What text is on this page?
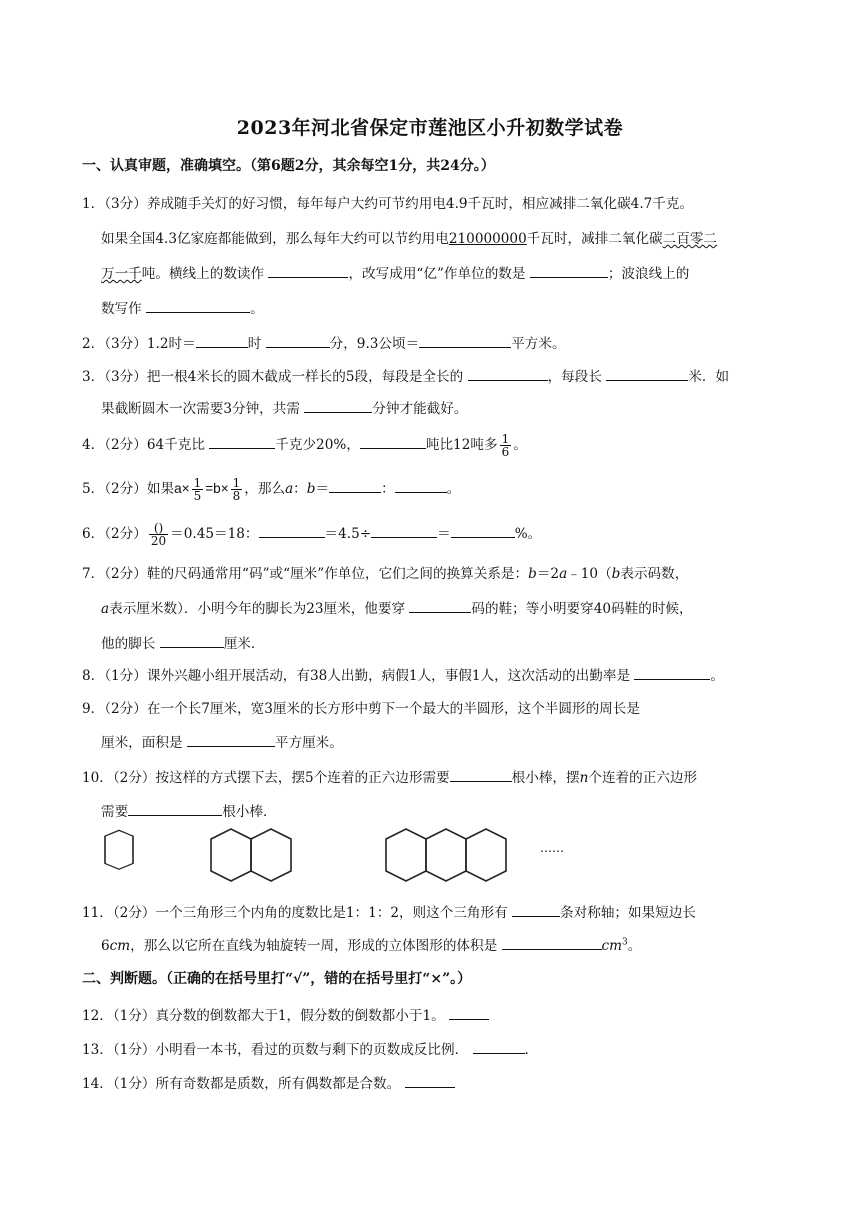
2023年河北省保定市莲池区小升初数学试卷
一、认真审题，准确填空。（第6题2分，其余每空1分，共24分。）
1．（3分）养成随手关灯的好习惯，每年每户大约可节约用电4.9千瓦时，相应减排二氧化碳4.7千克。
如果全国4.3亿家庭都能做到，那么每年大约可以节约用电210000000千瓦时，减排二氧化碳二百零二
万一千吨。横线上的数读作	，改写成用“亿”作单位的数是	；波浪线上的
数写作	。
2．（3分）1.2时＝	时	分，9.3公顷＝	平方米。
3．（3分）把一根4米长的圆木截成一样长的5段，每段是全长的	，每段长	米．如
果截断圆木一次需要3分钟，共需	分钟才能截好。
4．（2分）64千克比	千克少20%，	吨比12吨多 $\frac{1}{6}$ 。
5．（2分）如果$a\times \frac{1}{5} =b\times \frac{1}{8}$ ，那么a：b＝	：	。
6．（2分） $\frac{()}{20} =0.45=18$：	＝4.5÷	＝	%。
7．（2分）鞋的尺码通常用“码”或“厘米”作单位，它们之间的换算关系是：b＝2a﹣10（b表示码数，
a表示厘米数）．小明今年的脚长为23厘米，他要穿	码的鞋；等小明要穿40码鞋的时候，
他的脚长	厘米．
8．（1分）课外兴趣小组开展活动，有38人出勤，病假1人，事假1人，这次活动的出勤率是	。
9．（2分）在一个长7厘米，宽3厘米的长方形中剪下一个最大的半圆形，这个半圆形的周长是
厘米，面积是	平方厘米。
10．（2分）按这样的方式摆下去，摆5个连着的正六边形需要	根小棒，摆n个连着的正六边形
需要	根小棒．
……
11．（2分）一个三角形三个内角的度数比是1：1：2，则这个三角形有	条对称轴；如果短边长
6cm，那么以它所在直线为轴旋转一周，形成的立体图形的体积是	$cm^3$。
二、判断题。（正确的在括号里打“√”，错的在括号里打“×”。）
12．（1分）真分数的倒数都大于1，假分数的倒数都小于1。
13．（1分）小明看一本书，看过的页数与剩下的页数成反比例．	.
14．（1分）所有奇数都是质数，所有偶数都是合数。
